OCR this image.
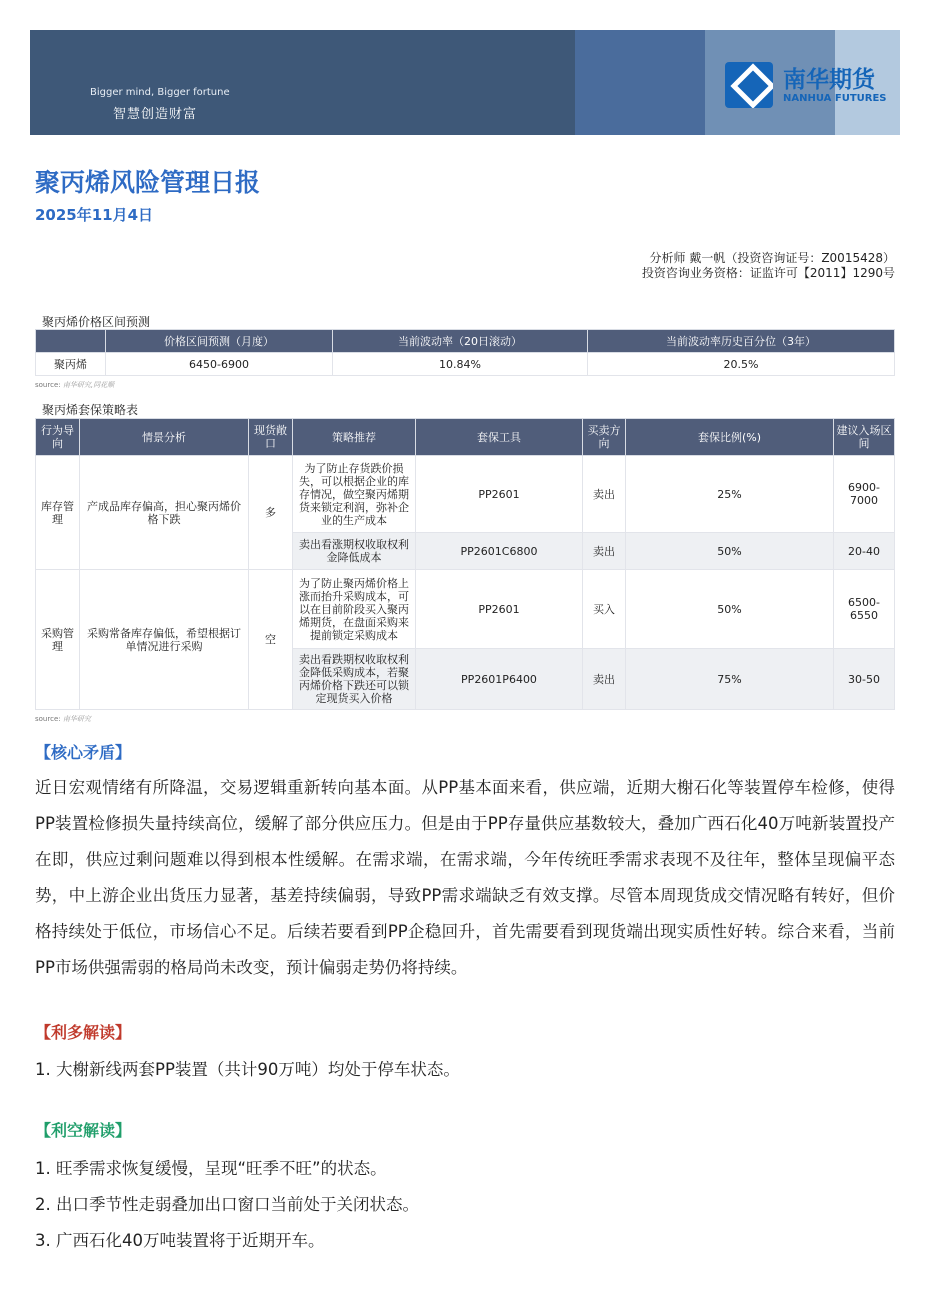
Bigger mind, Bigger fortune
智慧创造财富
南华期货
NANHUA FUTURES
聚丙烯风险管理日报
2025年11月4日
分析师 戴一帆（投资咨询证号：Z0015428）
投资咨询业务资格：证监许可【2011】1290号
聚丙烯价格区间预测
	价格区间预测（月度）	当前波动率（20日滚动）	当前波动率历史百分位（3年）
聚丙烯	6450-6900	10.84%	20.5%
source: 南华研究,同花顺
聚丙烯套保策略表
行为导向	情景分析	现货敞口	策略推荐	套保工具	买卖方向	套保比例(%)	建议入场区间
库存管理	产成品库存偏高，担心聚丙烯价格下跌	多	为了防止存货跌价损失，可以根据企业的库存情况，做空聚丙烯期货来锁定利润，弥补企业的生产成本	PP2601	卖出	25%	6900-7000
			卖出看涨期权收取权利金降低成本	PP2601C6800	卖出	50%	20-40
采购管理	采购常备库存偏低，希望根据订单情况进行采购	空	为了防止聚丙烯价格上涨而抬升采购成本，可以在目前阶段买入聚丙烯期货，在盘面采购来提前锁定采购成本	PP2601	买入	50%	6500-6550
			卖出看跌期权收取权利金降低采购成本，若聚丙烯价格下跌还可以锁定现货买入价格	PP2601P6400	卖出	75%	30-50
source: 南华研究
【核心矛盾】
近日宏观情绪有所降温，交易逻辑重新转向基本面。从PP基本面来看，供应端，近期大榭石化等装置停车检修，使得PP装置检修损失量持续高位，缓解了部分供应压力。但是由于PP存量供应基数较大，叠加广西石化40万吨新装置投产在即，供应过剩问题难以得到根本性缓解。在需求端，在需求端，今年传统旺季需求表现不及往年，整体呈现偏平态势，中上游企业出货压力显著，基差持续偏弱，导致PP需求端缺乏有效支撑。尽管本周现货成交情况略有转好，但价格持续处于低位，市场信心不足。后续若要看到PP企稳回升，首先需要看到现货端出现实质性好转。综合来看，当前PP市场供强需弱的格局尚未改变，预计偏弱走势仍将持续。
【利多解读】
1. 大榭新线两套PP装置（共计90万吨）均处于停车状态。
【利空解读】
1. 旺季需求恢复缓慢，呈现“旺季不旺”的状态。
2. 出口季节性走弱叠加出口窗口当前处于关闭状态。
3. 广西石化40万吨装置将于近期开车。
